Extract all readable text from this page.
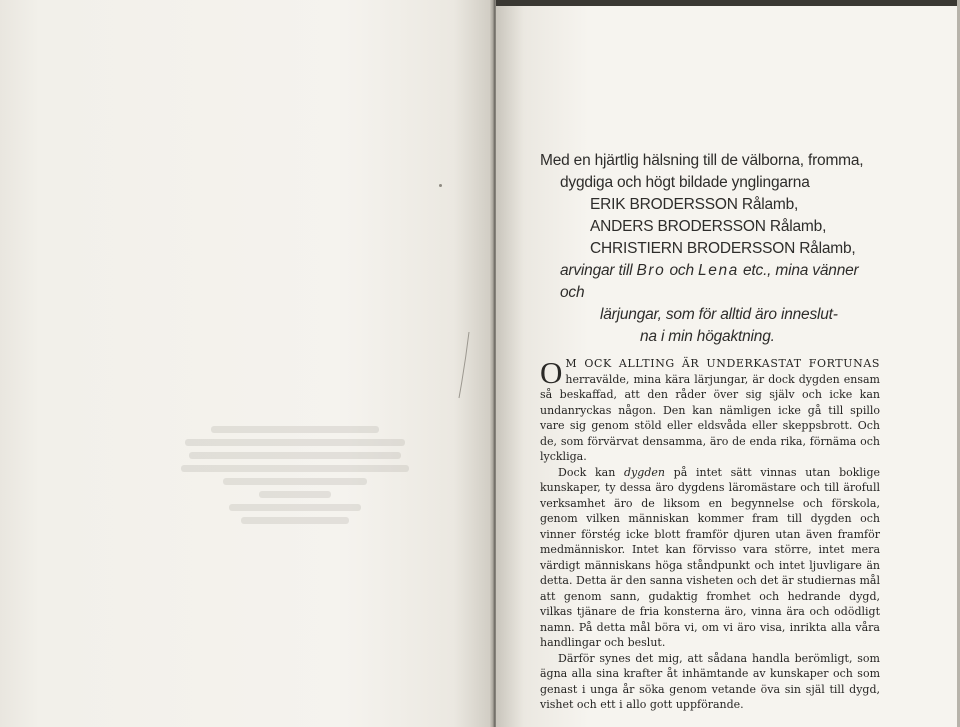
Med en hjärtlig hälsning till de välborna, fromma,
dygdiga och högt bildade ynglingarna
ERIK BRODERSSON Rålamb,
ANDERS BRODERSSON Rålamb,
CHRISTIERN BRODERSSON Rålamb,
arvingar till Bro och Lena etc., mina vänner och
lärjungar, som för alltid äro inneslut-
na i min högaktning.

O M OCK ALLTING ÄR UNDERKASTAT FORTUNAS herravälde, mina kära lärjungar, är dock dygden ensam så beskaffad, att den råder över sig själv och icke kan undanryckas någon. Den kan nämligen icke gå till spillo vare sig genom stöld eller eldsvåda eller skeppsbrott. Och de, som förvärvat densamma, äro de enda rika, förnäma och lyckliga.

Dock kan dygden på intet sätt vinnas utan boklige kunskaper, ty dessa äro dygdens läromästare och till ärofull verksamhet äro de liksom en begynnelse och förskola, genom vilken människan kommer fram till dygden och vinner förstég icke blott framför djuren utan även framför medmänniskor. Intet kan förvisso vara större, intet mera värdigt människans höga ståndpunkt och intet ljuvligare än detta. Detta är den sanna visheten och det är studiernas mål att genom sann, gudaktig fromhet och hedrande dygd, vilkas tjänare de fria konsterna äro, vinna ära och odödligt namn. På detta mål böra vi, om vi äro visa, inrikta alla våra handlingar och beslut.

Därför synes det mig, att sådana handla berömligt, som ägna alla sina krafter åt inhämtande av kunskaper och som genast i unga år söka genom vetande öva sin själ till dygd, vishet och ett i allo gott uppförande.
